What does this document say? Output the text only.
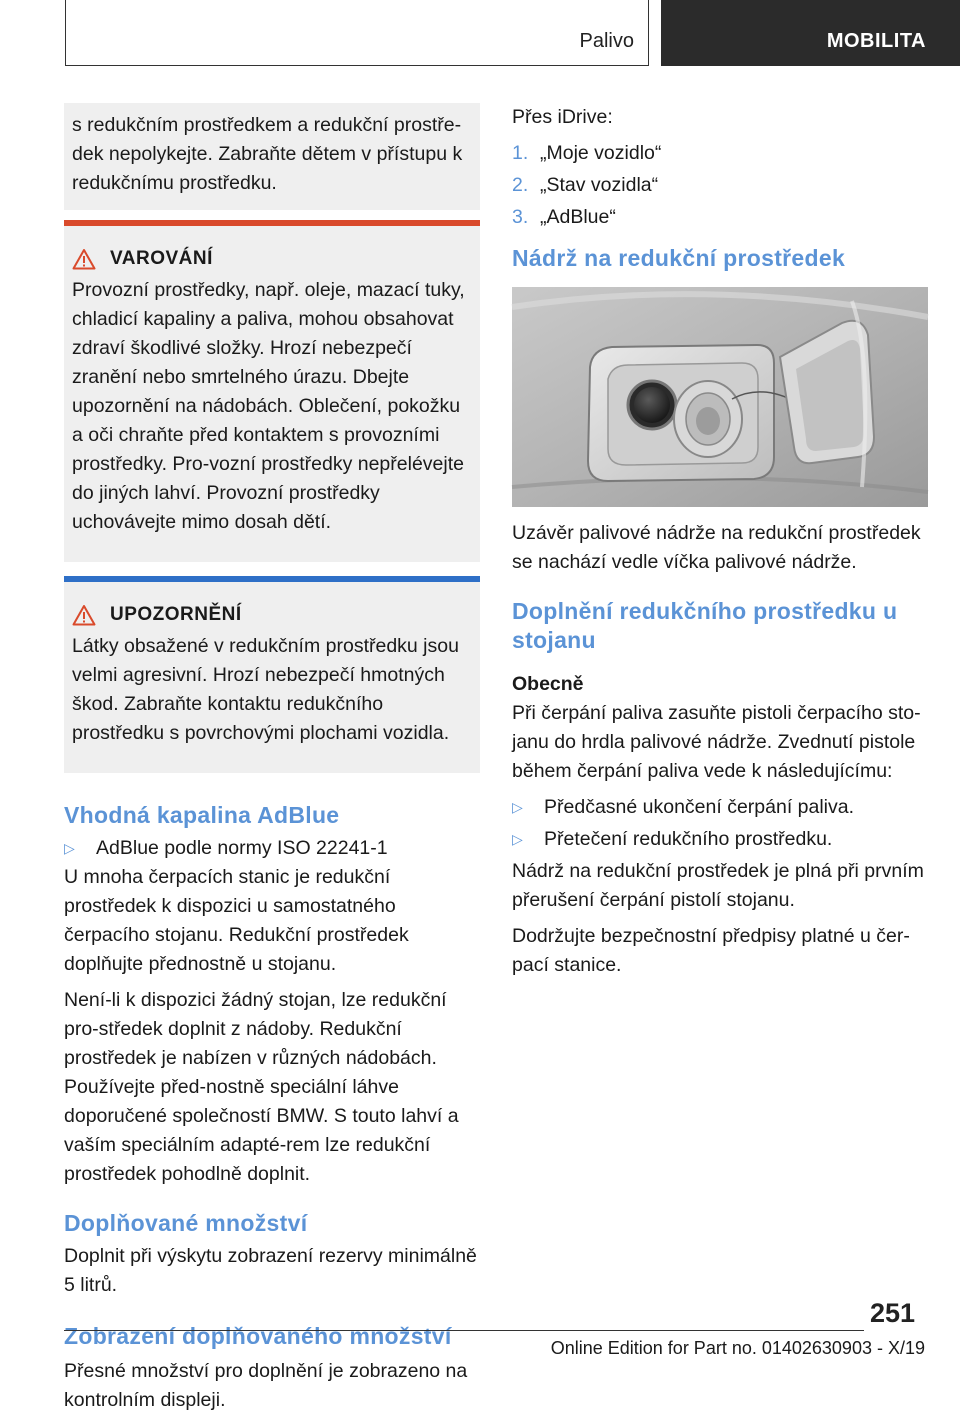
Palivo	MOBILITA

s redukčním prostředkem a redukční prostře-dek nepolykejte. Zabraňte dětem v přístupu k redukčnímu prostředku.

VAROVÁNÍ

Provozní prostředky, např. oleje, mazací tuky, chladicí kapaliny a paliva, mohou obsahovat zdraví škodlivé složky. Hrozí nebezpečí zranění nebo smrtelného úrazu. Dbejte upozornění na nádobách. Oblečení, pokožku a oči chraňte před kontaktem s provozními prostředky. Pro-vozní prostředky nepřelévejte do jiných lahví. Provozní prostředky uchovávejte mimo dosah dětí.

UPOZORNĚNÍ

Látky obsažené v redukčním prostředku jsou velmi agresivní. Hrozí nebezpečí hmotných škod. Zabraňte kontaktu redukčního prostředku s povrchovými plochami vozidla.

Vhodná kapalina AdBlue
▷	AdBlue podle normy ISO 22241-1

U mnoha čerpacích stanic je redukční prostředek k dispozici u samostatného čerpacího stojanu. Redukční prostředek doplňujte přednostně u stojanu.

Není-li k dispozici žádný stojan, lze redukční pro-středek doplnit z nádoby. Redukční prostředek je nabízen v různých nádobách. Používejte před-nostně speciální láhve doporučené společností BMW. S touto lahví a vaším speciálním adapté-rem lze redukční prostředek pohodlně doplnit.

Doplňované množství

Doplnit při výskytu zobrazení rezervy minimálně 5 litrů.

Zobrazení doplňovaného množství

Přesné množství pro doplnění je zobrazeno na kontrolním displeji.

Přes iDrive:

1. „Moje vozidlo“
2. „Stav vozidla“
3. „AdBlue“
Nádrž na redukční prostředek

Uzávěr palivové nádrže na redukční prostředek se nachází vedle víčka palivové nádrže.

Doplnění redukčního prostředku u stojanu
Obecně

Při čerpání paliva zasuňte pistoli čerpacího sto-janu do hrdla palivové nádrže. Zvednutí pistole během čerpání paliva vede k následujícímu:

▷	Předčasné ukončení čerpání paliva.
▷	Přetečení redukčního prostředku.

Nádrž na redukční prostředek je plná při prvním přerušení čerpání pistolí stojanu.

Dodržujte bezpečnostní předpisy platné u čer-pací stanice.

251
Online Edition for Part no. 01402630903 - X/19
